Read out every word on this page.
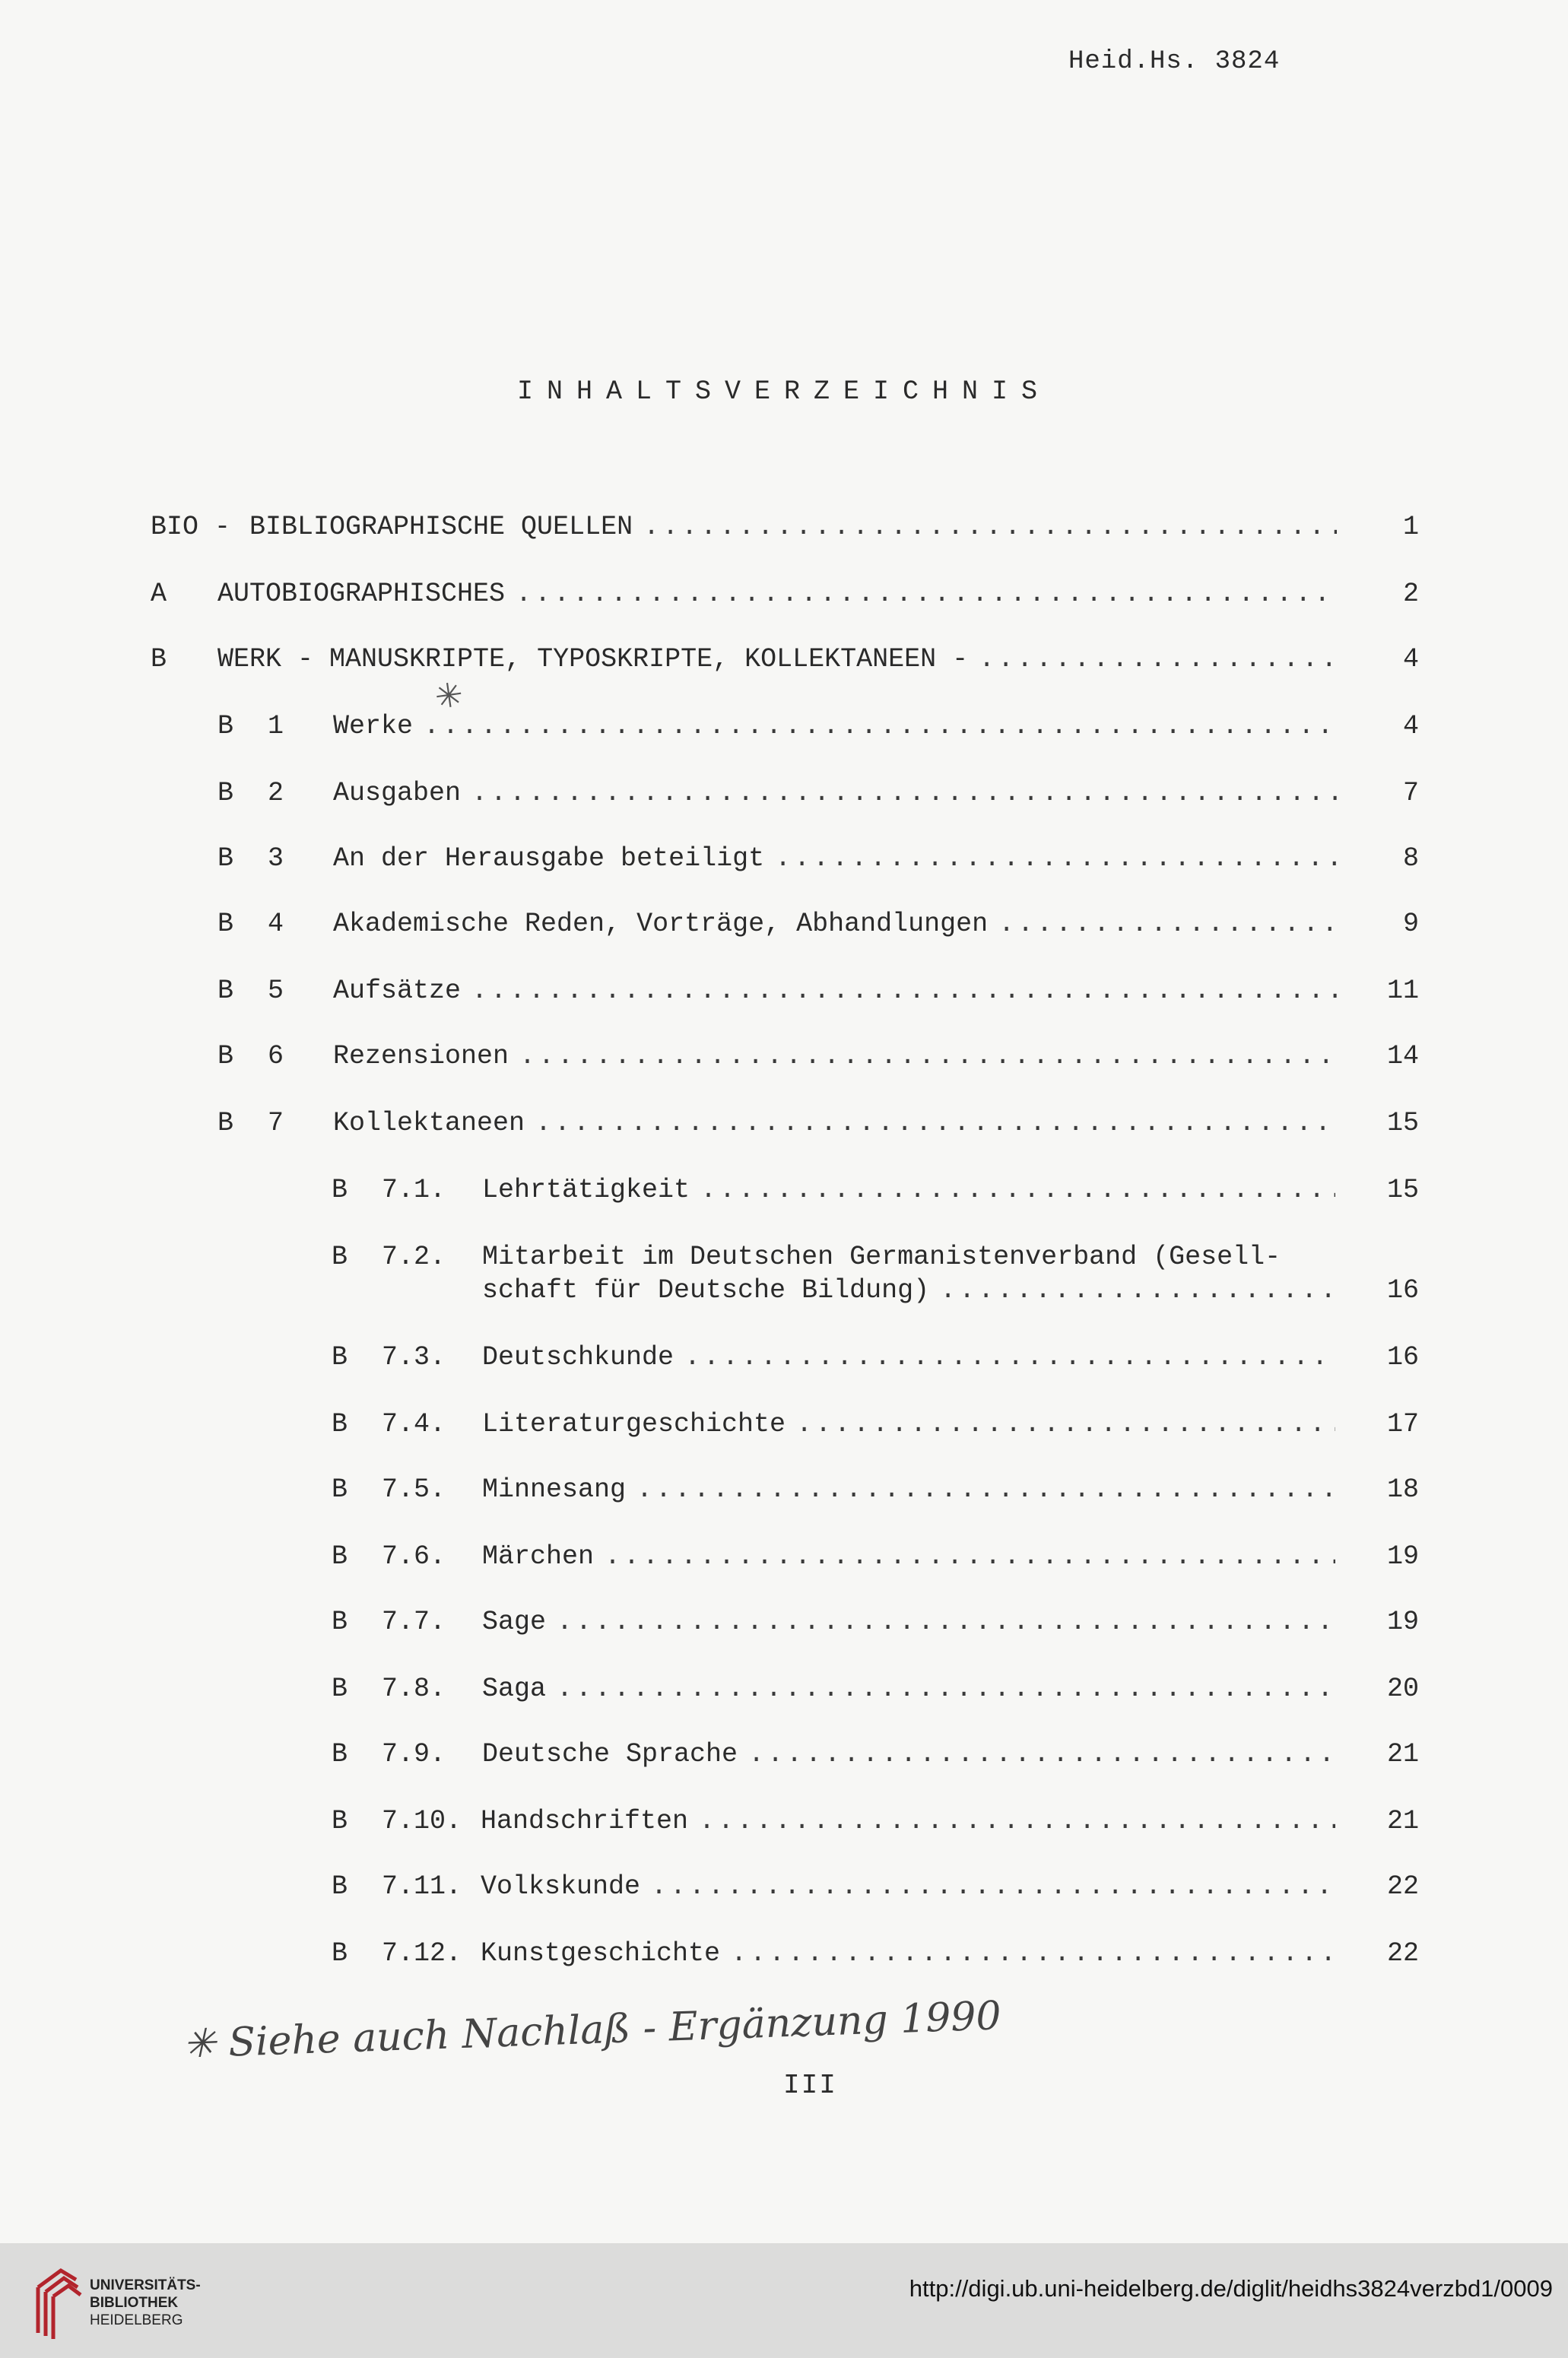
Heid.Hs. 3824
INHALTSVERZEICHNIS
BIO - BIBLIOGRAPHISCHE QUELLEN .....	1
A AUTOBIOGRAPHISCHES .....	2
B WERK - MANUSKRIPTE, TYPOSKRIPTE, KOLLEKTANEEN - .....	4
✳
B 1 Werke .....	4
B 2 Ausgaben .....	7
B 3 An der Herausgabe beteiligt .....	8
B 4 Akademische Reden, Vorträge, Abhandlungen .....	9
B 5 Aufsätze .....	11
B 6 Rezensionen .....	14
B 7 Kollektaneen .....	15
B 7.1. Lehrtätigkeit .....	15
B 7.2. Mitarbeit im Deutschen Germanistenverband (Gesell-
schaft für Deutsche Bildung) .....	16
B 7.3. Deutschkunde .....	16
B 7.4. Literaturgeschichte .....	17
B 7.5. Minnesang .....	18
B 7.6. Märchen .....	19
B 7.7. Sage .....	19
B 7.8. Saga .....	20
B 7.9. Deutsche Sprache .....	21
B 7.10. Handschriften .....	21
B 7.11. Volkskunde .....	22
B 7.12. Kunstgeschichte .....	22
✳ Siehe auch Nachlaß - Ergänzung 1990
III
UNIVERSITÄTS-
BIBLIOTHEK
HEIDELBERG
http://digi.ub.uni-heidelberg.de/diglit/heidhs3824verzbd1/0009
